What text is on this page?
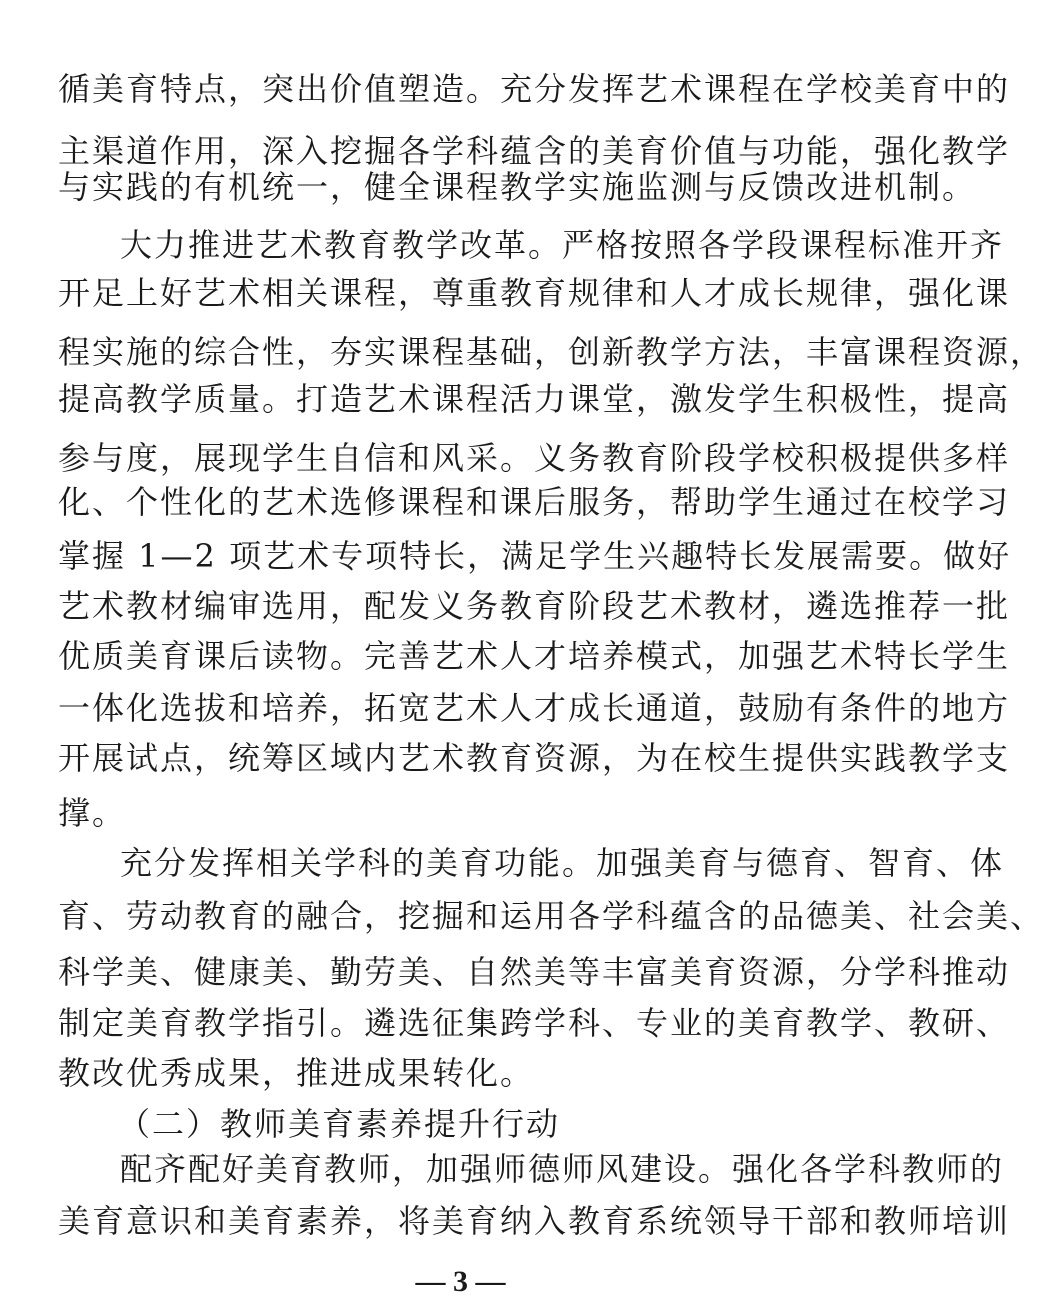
循美育特点，突出价值塑造。充分发挥艺术课程在学校美育中的
主渠道作用，深入挖掘各学科蕴含的美育价值与功能，强化教学
与实践的有机统一，健全课程教学实施监测与反馈改进机制。
大力推进艺术教育教学改革。严格按照各学段课程标准开齐
开足上好艺术相关课程，尊重教育规律和人才成长规律，强化课
程实施的综合性，夯实课程基础，创新教学方法，丰富课程资源，
提高教学质量。打造艺术课程活力课堂，激发学生积极性，提高
参与度，展现学生自信和风采。义务教育阶段学校积极提供多样
化、个性化的艺术选修课程和课后服务，帮助学生通过在校学习
掌握 1—2 项艺术专项特长，满足学生兴趣特长发展需要。做好
艺术教材编审选用，配发义务教育阶段艺术教材，遴选推荐一批
优质美育课后读物。完善艺术人才培养模式，加强艺术特长学生
一体化选拔和培养，拓宽艺术人才成长通道，鼓励有条件的地方
开展试点，统筹区域内艺术教育资源，为在校生提供实践教学支
撑。
充分发挥相关学科的美育功能。加强美育与德育、智育、体
育、劳动教育的融合，挖掘和运用各学科蕴含的品德美、社会美、
科学美、健康美、勤劳美、自然美等丰富美育资源，分学科推动
制定美育教学指引。遴选征集跨学科、专业的美育教学、教研、
教改优秀成果，推进成果转化。
（二）教师美育素养提升行动
配齐配好美育教师，加强师德师风建设。强化各学科教师的
美育意识和美育素养，将美育纳入教育系统领导干部和教师培训
— 3 —
